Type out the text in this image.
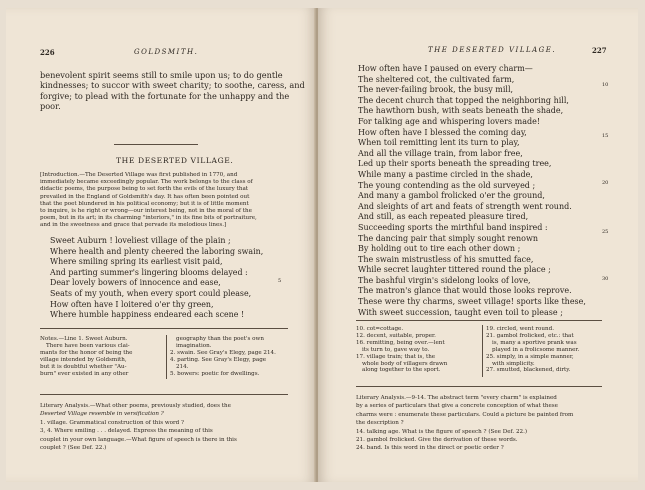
226	GOLDSMITH.
benevolent spirit seems still to smile upon us; to do gentle
kindnesses; to succor with sweet charity; to soothe, caress, and
forgive; to plead with the fortunate for the unhappy and the
poor.
THE DESERTED VILLAGE.
[Introduction.—The Deserted Village was first published in 1770, and
immediately became exceedingly popular. The work belongs to the class of
didactic poems, the purpose being to set forth the evils of the luxury that
prevailed in the England of Goldsmith's day. It has often been pointed out
that the poet blundered in his political economy; but it is of little moment
to inquire, is he right or wrong—our interest being, not in the moral of the
poem, but in its art; in its charming "interiors," in its fine bits of portraiture,
and in the sweetness and grace that pervade its melodious lines.]
Sweet Auburn ! loveliest village of the plain ;
Where health and plenty cheered the laboring swain,
Where smiling spring its earliest visit paid,
And parting summer's lingering blooms delayed :
Dear lovely bowers of innocence and ease,
Seats of my youth, when every sport could please,
How often have I loitered o'er thy green,
Where humble happiness endeared each scene !
5
Notes.—Line 1. Sweet Auburn.
There have been various clai-
mants for the honor of being the
village intended by Goldsmith,
but it is doubtful whether "Au-
burn" ever existed in any other
geography than the poet's own
imagination.
2. swain. See Gray's Elegy, page 214.
4. parting. See Gray's Elegy, page
214.
5. bowers: poetic for dwellings.
Literary Analysis.—What other poems, previously studied, does the
Deserted Village resemble in versification ?
1. village. Grammatical construction of this word ?
3, 4. Where smiling . . . delayed. Express the meaning of this
couplet in your own language.—What figure of speech is there in this
couplet ? (See Def. 22.)
THE DESERTED VILLAGE.	227
How often have I paused on every charm—
The sheltered cot, the cultivated farm,
The never-failing brook, the busy mill,
The decent church that topped the neighboring hill,
The hawthorn bush, with seats beneath the shade,
For talking age and whispering lovers made!
How often have I blessed the coming day,
When toil remitting lent its turn to play,
And all the village train, from labor free,
Led up their sports beneath the spreading tree,
While many a pastime circled in the shade,
The young contending as the old surveyed ;
And many a gambol frolicked o'er the ground,
And sleights of art and feats of strength went round.
And still, as each repeated pleasure tired,
Succeeding sports the mirthful band inspired :
The dancing pair that simply sought renown
By holding out to tire each other down ;
The swain mistrustless of his smutted face,
While secret laughter tittered round the place ;
The bashful virgin's sidelong looks of love,
The matron's glance that would those looks reprove.
These were thy charms, sweet village! sports like these,
With sweet succession, taught even toil to please ;
10
15
20
25
30
10. cot=cottage.
12. decent, suitable, proper.
16. remitting, being over.—lent
its turn to, gave way to.
17. village train; that is, the
whole body of villagers drawn
along together to the sport.
19. circled, went round.
21. gambol frolicked, etc.: that
is, many a sportive prank was
played in a frolicsome manner.
25. simply, in a simple manner,
with simplicity.
27. smutted, blackened, dirty.
Literary Analysis.—9-14. The abstract term "every charm" is explained
by a series of particulars that give a concrete conception of what these
charms were : enumerate these particulars. Could a picture be painted from
the description ?
14. talking age. What is the figure of speech ? (See Def. 22.)
21. gambol frolicked. Give the derivation of these words.
24. band. Is this word in the direct or poetic order ?
